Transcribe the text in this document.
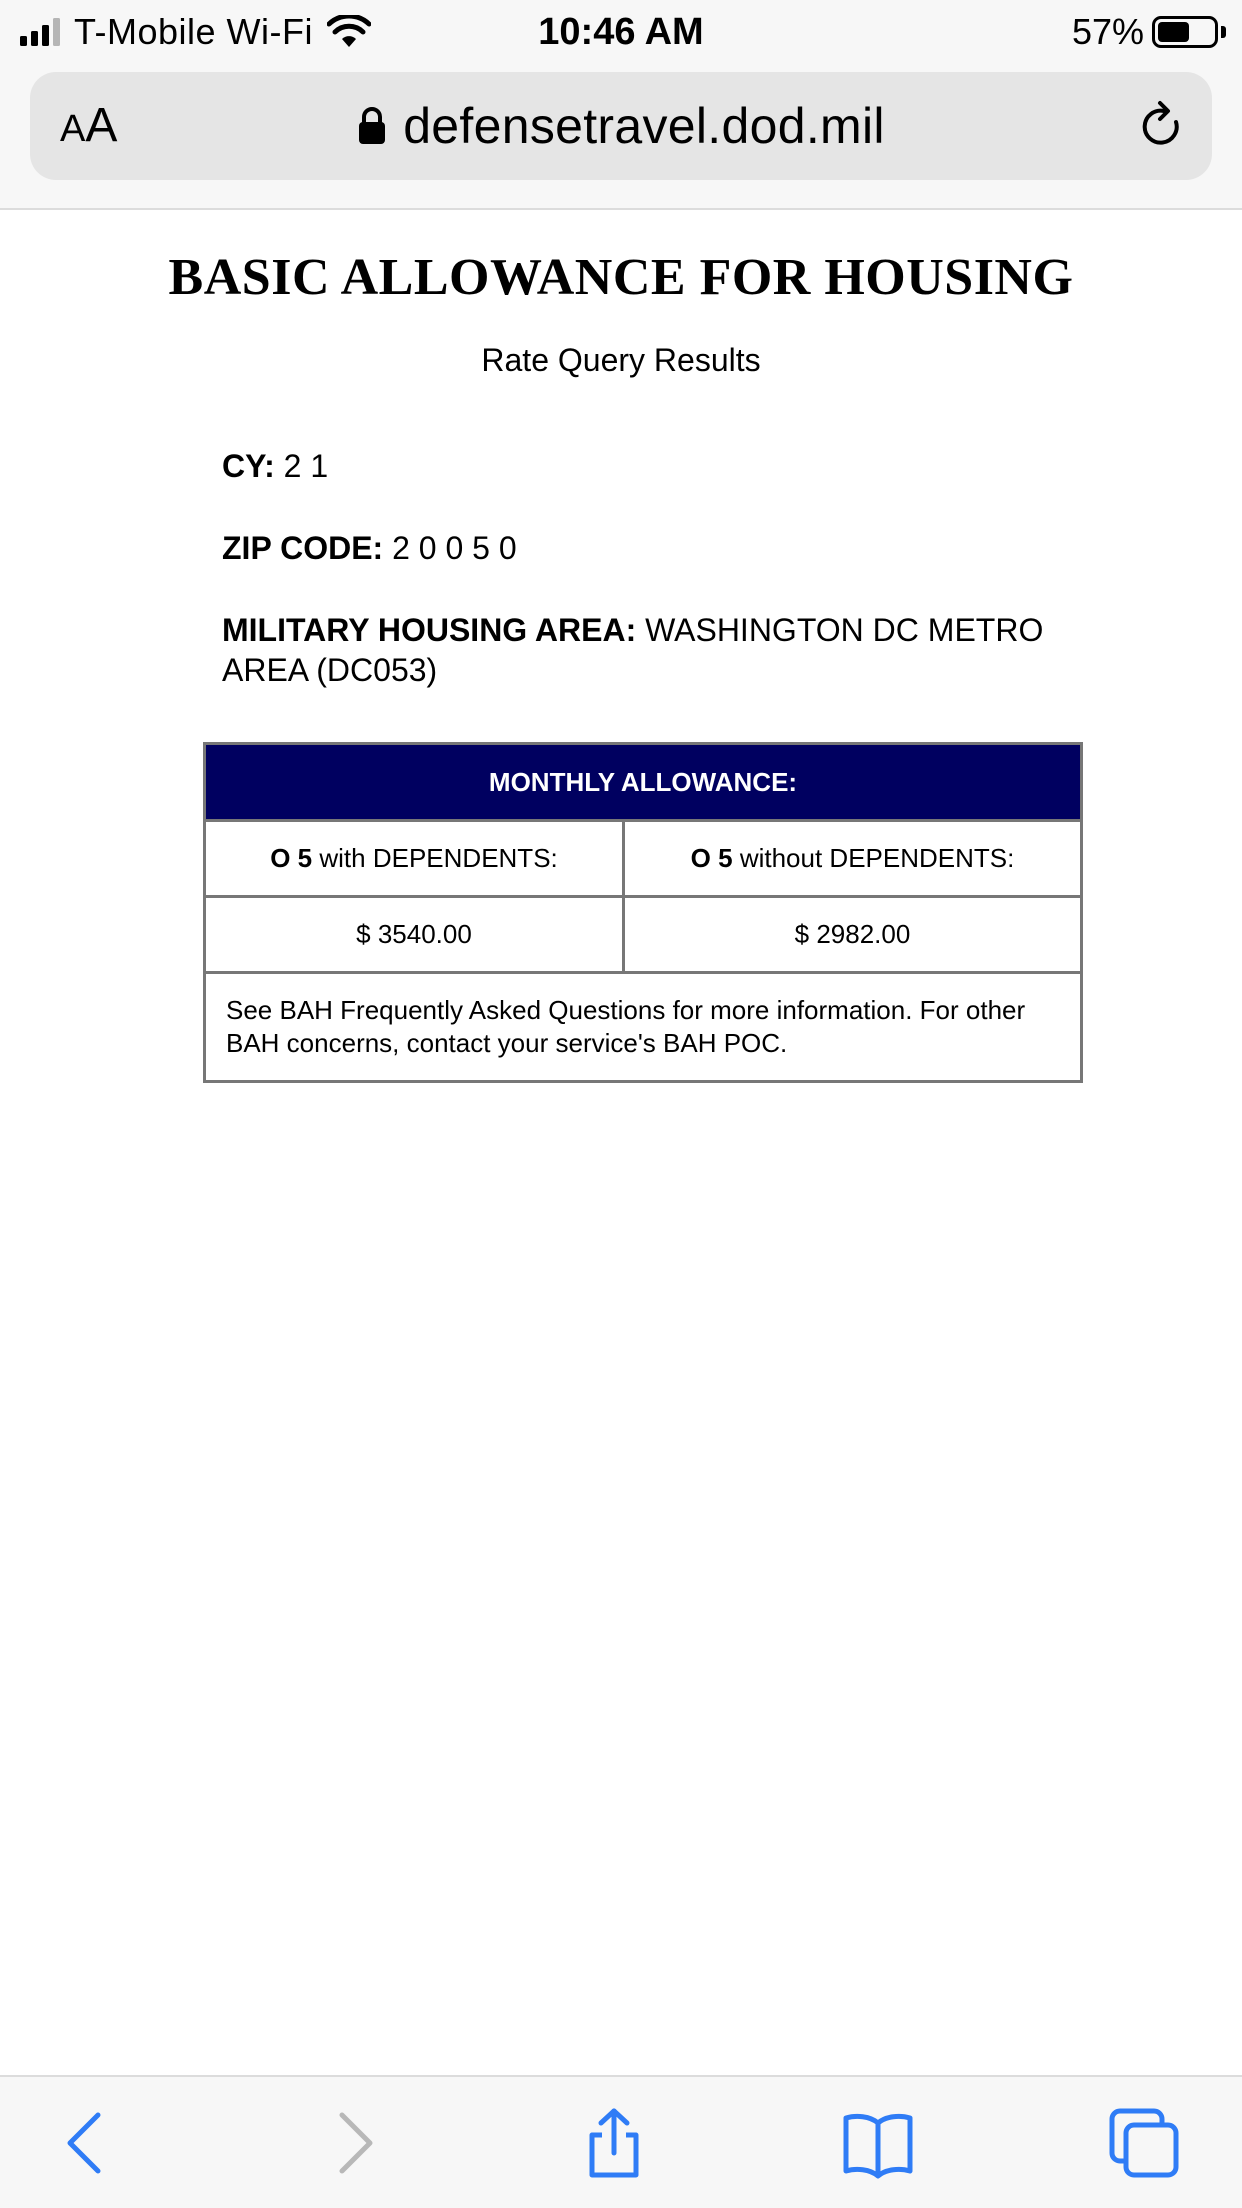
T-Mobile Wi-Fi	10:46 AM	57%
AA	defensetravel.dod.mil
BASIC ALLOWANCE FOR HOUSING
Rate Query Results
CY: 2 1
ZIP CODE: 2 0 0 5 0
MILITARY HOUSING AREA: WASHINGTON DC METRO AREA (DC053)
MONTHLY ALLOWANCE:	
O 5 with DEPENDENTS:	O 5 without DEPENDENTS:
$ 3540.00	$ 2982.00
See BAH Frequently Asked Questions for more information. For other BAH concerns, contact your service's BAH POC.	
